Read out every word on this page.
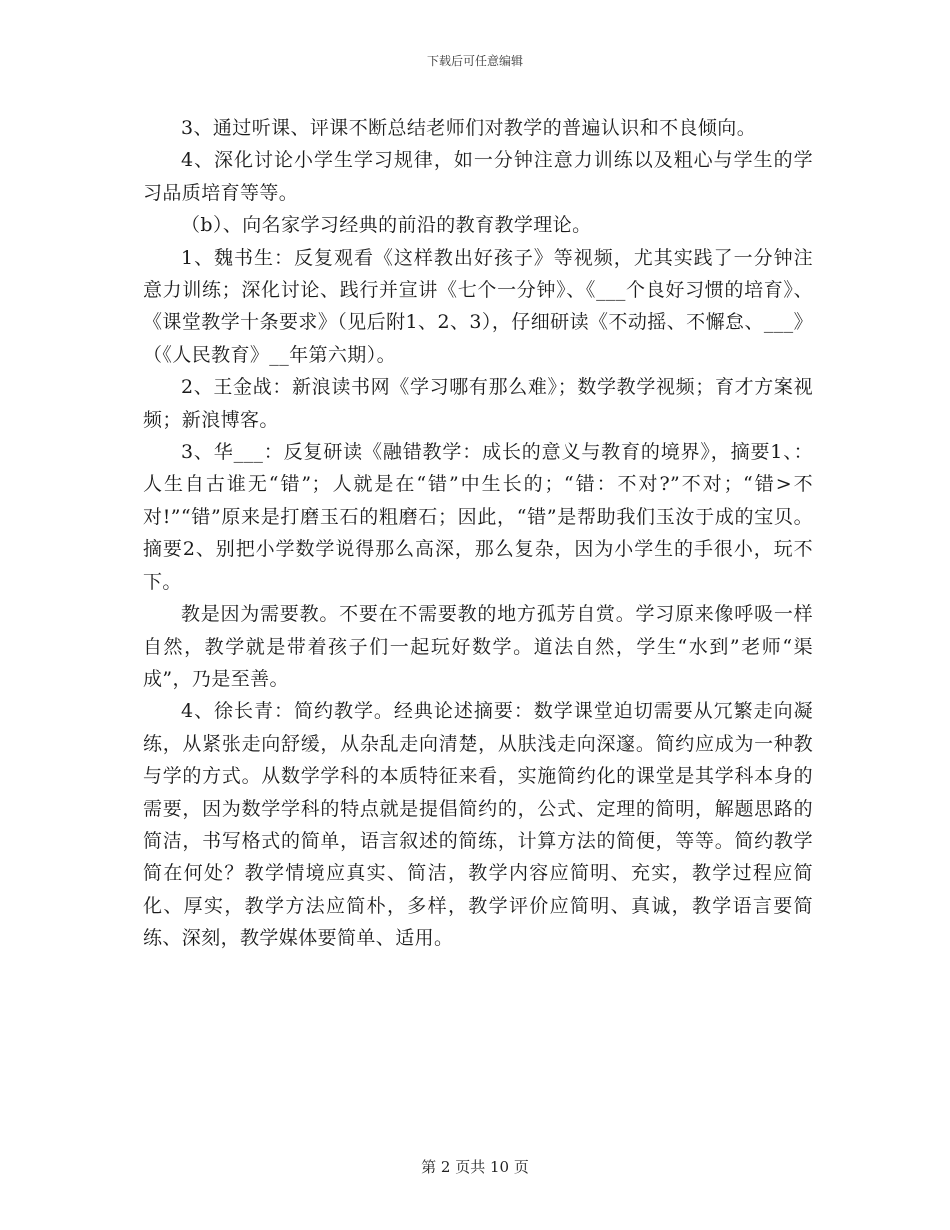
下载后可任意编辑

3、通过听课、评课不断总结老师们对教学的普遍认识和不良倾向。

4、深化讨论小学生学习规律，如一分钟注意力训练以及粗心与学生的学习品质培育等等。

（b）、向名家学习经典的前沿的教育教学理论。

1、魏书生：反复观看《这样教出好孩子》等视频，尤其实践了一分钟注意力训练；深化讨论、践行并宣讲《七个一分钟》、《___个良好习惯的培育》、《课堂教学十条要求》（见后附1、2、3），仔细研读《不动摇、不懈怠、___》（《人民教育》__年第六期）。

2、王金战：新浪读书网《学习哪有那么难》；数学教学视频；育才方案视频；新浪博客。

3、华___：反复研读《融错教学：成长的意义与教育的境界》，摘要1、：人生自古谁无“错”；人就是在“错”中生长的；“错：不对?”不对；“错>不对!”“错”原来是打磨玉石的粗磨石；因此，“错”是帮助我们玉汝于成的宝贝。摘要2、别把小学数学说得那么高深，那么复杂，因为小学生的手很小，玩不下。

教是因为需要教。不要在不需要教的地方孤芳自赏。学习原来像呼吸一样自然，教学就是带着孩子们一起玩好数学。道法自然，学生“水到”老师“渠成”，乃是至善。

4、徐长青：简约教学。经典论述摘要：数学课堂迫切需要从冗繁走向凝练，从紧张走向舒缓，从杂乱走向清楚，从肤浅走向深邃。简约应成为一种教与学的方式。从数学学科的本质特征来看，实施简约化的课堂是其学科本身的需要，因为数学学科的特点就是提倡简约的，公式、定理的简明，解题思路的简洁，书写格式的简单，语言叙述的简练，计算方法的简便，等等。简约教学简在何处？教学情境应真实、简洁，教学内容应简明、充实，教学过程应简化、厚实，教学方法应简朴，多样，教学评价应简明、真诚，教学语言要简练、深刻，教学媒体要简单、适用。

第 2 页共 10 页
